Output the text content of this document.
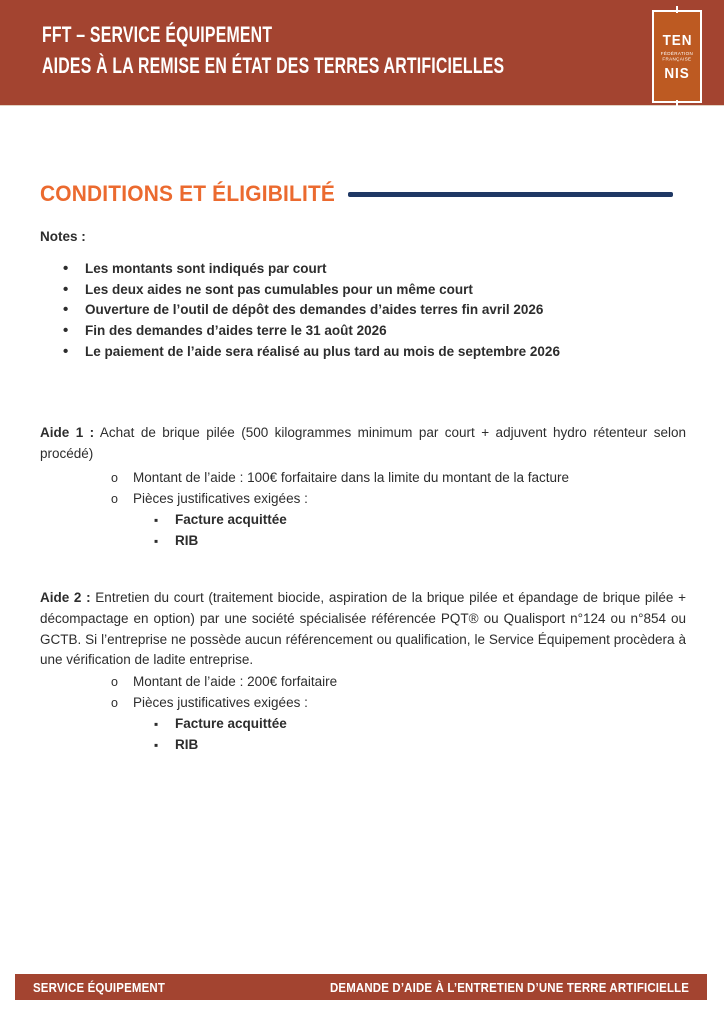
FFT – SERVICE ÉQUIPEMENT
AIDES À LA REMISE EN ÉTAT DES TERRES ARTIFICIELLES
TEN
FÉDÉRATION
FRANÇAISE
NIS
CONDITIONS ET ÉLIGIBILITÉ
Notes :
• Les montants sont indiqués par court
• Les deux aides ne sont pas cumulables pour un même court
• Ouverture de l’outil de dépôt des demandes d’aides terres fin avril 2026
• Fin des demandes d’aides terre le 31 août 2026
• Le paiement de l’aide sera réalisé au plus tard au mois de septembre 2026

Aide 1 : Achat de brique pilée (500 kilogrammes minimum par court + adjuvent hydro rétenteur selon procédé)

o Montant de l’aide : 100€ forfaitaire dans la limite du montant de la facture
o Pièces justificatives exigées :
▪ Facture acquittée
▪ RIB

Aide 2 : Entretien du court (traitement biocide, aspiration de la brique pilée et épandage de brique pilée + décompactage en option) par une société spécialisée référencée PQT® ou Qualisport n°124 ou n°854 ou GCTB. Si l’entreprise ne possède aucun référencement ou qualification, le Service Équipement procèdera à une vérification de ladite entreprise.

o Montant de l’aide : 200€ forfaitaire
o Pièces justificatives exigées :
▪ Facture acquittée
▪ RIB
SERVICE ÉQUIPEMENT	DEMANDE D’AIDE À L’ENTRETIEN D’UNE TERRE ARTIFICIELLE
